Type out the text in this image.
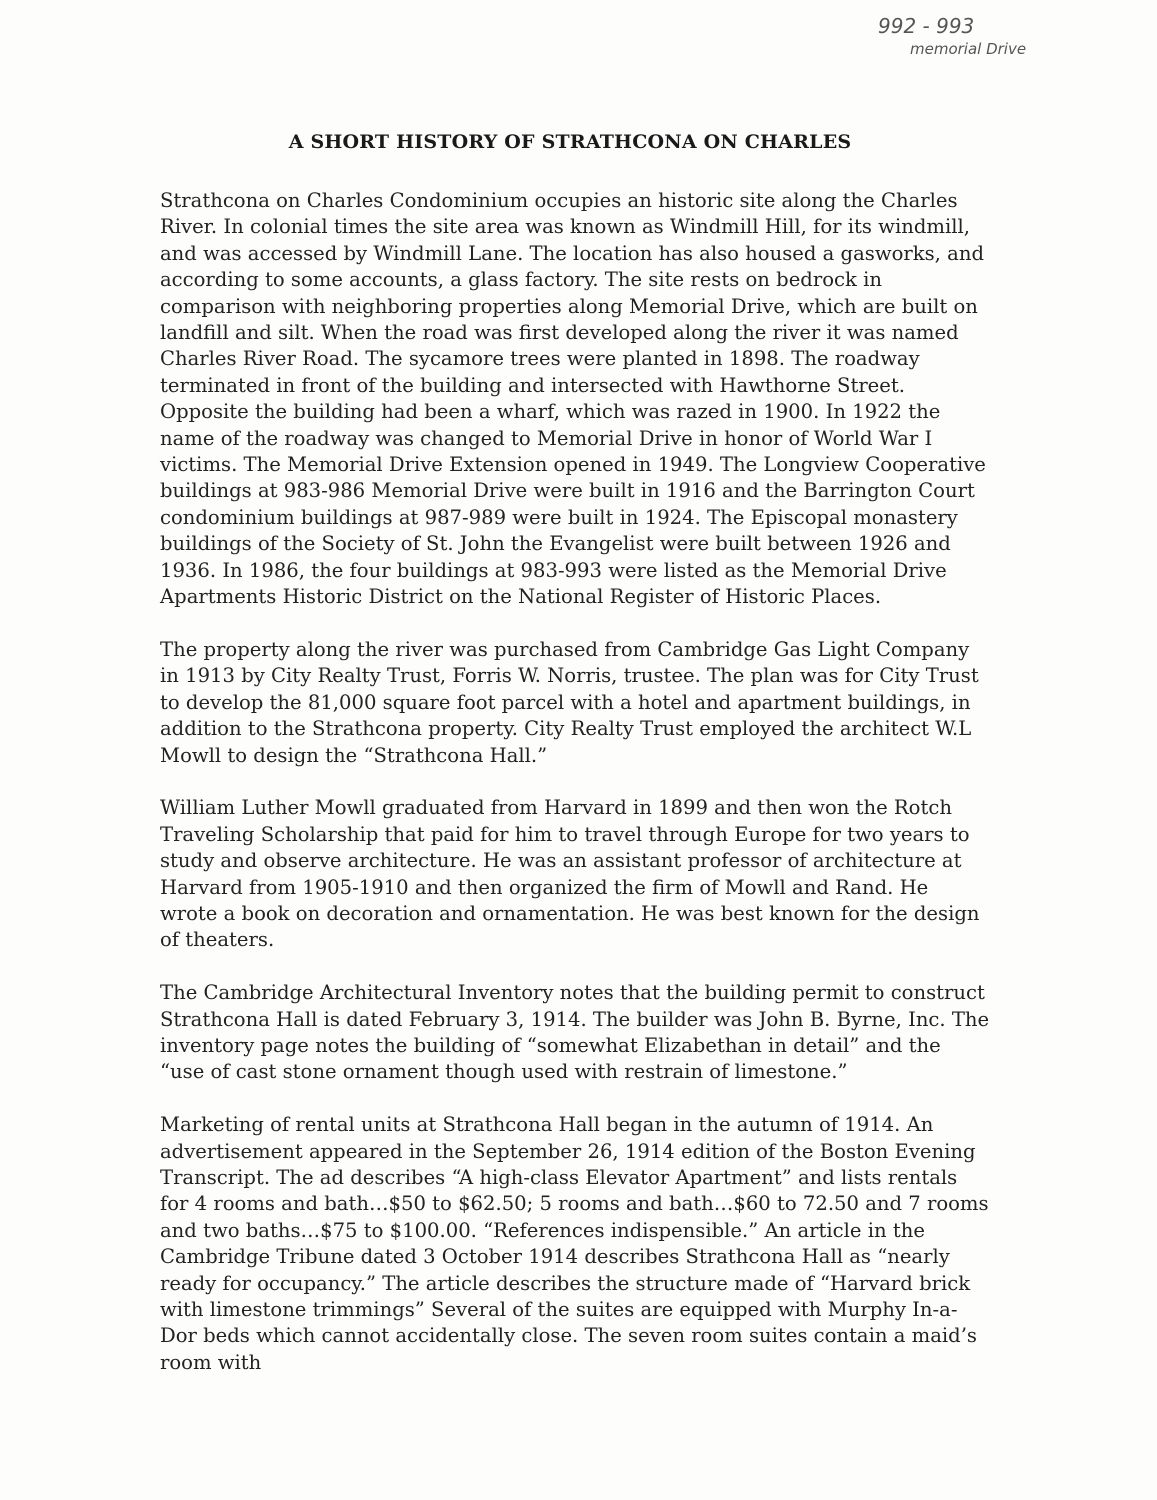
992 - 993
memorial Drive
A SHORT HISTORY OF STRATHCONA ON CHARLES

Strathcona on Charles Condominium occupies an historic site along the Charles River. In colonial times the site area was known as Windmill Hill, for its windmill, and was accessed by Windmill Lane. The location has also housed a gasworks, and according to some accounts, a glass factory. The site rests on bedrock in comparison with neighboring properties along Memorial Drive, which are built on landfill and silt. When the road was first developed along the river it was named Charles River Road. The sycamore trees were planted in 1898. The roadway terminated in front of the building and intersected with Hawthorne Street. Opposite the building had been a wharf, which was razed in 1900. In 1922 the name of the roadway was changed to Memorial Drive in honor of World War I victims. The Memorial Drive Extension opened in 1949. The Longview Cooperative buildings at 983-986 Memorial Drive were built in 1916 and the Barrington Court condominium buildings at 987-989 were built in 1924. The Episcopal monastery buildings of the Society of St. John the Evangelist were built between 1926 and 1936. In 1986, the four buildings at 983-993 were listed as the Memorial Drive Apartments Historic District on the National Register of Historic Places.

The property along the river was purchased from Cambridge Gas Light Company in 1913 by City Realty Trust, Forris W. Norris, trustee. The plan was for City Trust to develop the 81,000 square foot parcel with a hotel and apartment buildings, in addition to the Strathcona property. City Realty Trust employed the architect W.L Mowll to design the “Strathcona Hall.”

William Luther Mowll graduated from Harvard in 1899 and then won the Rotch Traveling Scholarship that paid for him to travel through Europe for two years to study and observe architecture. He was an assistant professor of architecture at Harvard from 1905-1910 and then organized the firm of Mowll and Rand. He wrote a book on decoration and ornamentation. He was best known for the design of theaters.

The Cambridge Architectural Inventory notes that the building permit to construct Strathcona Hall is dated February 3, 1914. The builder was John B. Byrne, Inc. The inventory page notes the building of “somewhat Elizabethan in detail” and the “use of cast stone ornament though used with restrain of limestone.”

Marketing of rental units at Strathcona Hall began in the autumn of 1914. An advertisement appeared in the September 26, 1914 edition of the Boston Evening Transcript. The ad describes “A high-class Elevator Apartment” and lists rentals for 4 rooms and bath…$50 to $62.50; 5 rooms and bath…$60 to 72.50 and 7 rooms and two baths…$75 to $100.00. “References indispensible.” An article in the Cambridge Tribune dated 3 October 1914 describes Strathcona Hall as “nearly ready for occupancy.” The article describes the structure made of “Harvard brick with limestone trimmings” Several of the suites are equipped with Murphy In-a-Dor beds which cannot accidentally close. The seven room suites contain a maid’s room with
